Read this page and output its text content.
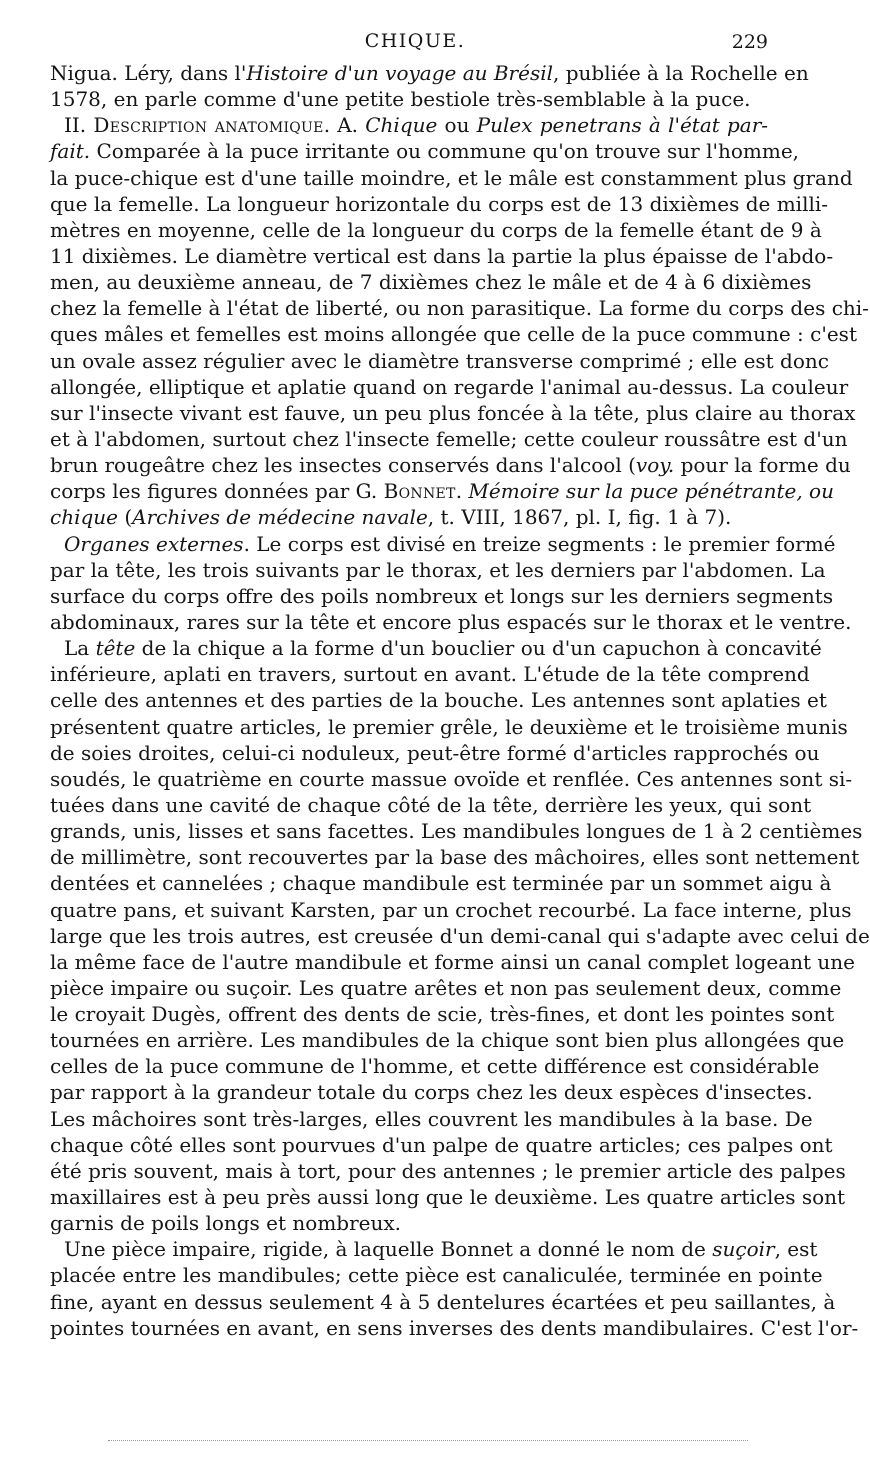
CHIQUE.	229
Nigua. Léry, dans l'Histoire d'un voyage au Brésil, publiée à la Rochelle en
1578, en parle comme d'une petite bestiole très-semblable à la puce.
II. Description anatomique. A. Chique ou Pulex penetrans à l'état par-
fait. Comparée à la puce irritante ou commune qu'on trouve sur l'homme,
la puce-chique est d'une taille moindre, et le mâle est constamment plus grand
que la femelle. La longueur horizontale du corps est de 13 dixièmes de milli-
mètres en moyenne, celle de la longueur du corps de la femelle étant de 9 à
11 dixièmes. Le diamètre vertical est dans la partie la plus épaisse de l'abdo-
men, au deuxième anneau, de 7 dixièmes chez le mâle et de 4 à 6 dixièmes
chez la femelle à l'état de liberté, ou non parasitique. La forme du corps des chi-
ques mâles et femelles est moins allongée que celle de la puce commune : c'est
un ovale assez régulier avec le diamètre transverse comprimé ; elle est donc
allongée, elliptique et aplatie quand on regarde l'animal au-dessus. La couleur
sur l'insecte vivant est fauve, un peu plus foncée à la tête, plus claire au thorax
et à l'abdomen, surtout chez l'insecte femelle; cette couleur roussâtre est d'un
brun rougeâtre chez les insectes conservés dans l'alcool (voy. pour la forme du
corps les figures données par G. Bonnet. Mémoire sur la puce pénétrante, ou
chique (Archives de médecine navale, t. VIII, 1867, pl. I, fig. 1 à 7).
Organes externes. Le corps est divisé en treize segments : le premier formé
par la tête, les trois suivants par le thorax, et les derniers par l'abdomen. La
surface du corps offre des poils nombreux et longs sur les derniers segments
abdominaux, rares sur la tête et encore plus espacés sur le thorax et le ventre.
La tête de la chique a la forme d'un bouclier ou d'un capuchon à concavité
inférieure, aplati en travers, surtout en avant. L'étude de la tête comprend
celle des antennes et des parties de la bouche. Les antennes sont aplaties et
présentent quatre articles, le premier grêle, le deuxième et le troisième munis
de soies droites, celui-ci noduleux, peut-être formé d'articles rapprochés ou
soudés, le quatrième en courte massue ovoïde et renflée. Ces antennes sont si-
tuées dans une cavité de chaque côté de la tête, derrière les yeux, qui sont
grands, unis, lisses et sans facettes. Les mandibules longues de 1 à 2 centièmes
de millimètre, sont recouvertes par la base des mâchoires, elles sont nettement
dentées et cannelées ; chaque mandibule est terminée par un sommet aigu à
quatre pans, et suivant Karsten, par un crochet recourbé. La face interne, plus
large que les trois autres, est creusée d'un demi-canal qui s'adapte avec celui de
la même face de l'autre mandibule et forme ainsi un canal complet logeant une
pièce impaire ou suçoir. Les quatre arêtes et non pas seulement deux, comme
le croyait Dugès, offrent des dents de scie, très-fines, et dont les pointes sont
tournées en arrière. Les mandibules de la chique sont bien plus allongées que
celles de la puce commune de l'homme, et cette différence est considérable
par rapport à la grandeur totale du corps chez les deux espèces d'insectes.
Les mâchoires sont très-larges, elles couvrent les mandibules à la base. De
chaque côté elles sont pourvues d'un palpe de quatre articles; ces palpes ont
été pris souvent, mais à tort, pour des antennes ; le premier article des palpes
maxillaires est à peu près aussi long que le deuxième. Les quatre articles sont
garnis de poils longs et nombreux.
Une pièce impaire, rigide, à laquelle Bonnet a donné le nom de suçoir, est
placée entre les mandibules; cette pièce est canaliculée, terminée en pointe
fine, ayant en dessus seulement 4 à 5 dentelures écartées et peu saillantes, à
pointes tournées en avant, en sens inverses des dents mandibulaires. C'est l'or-
